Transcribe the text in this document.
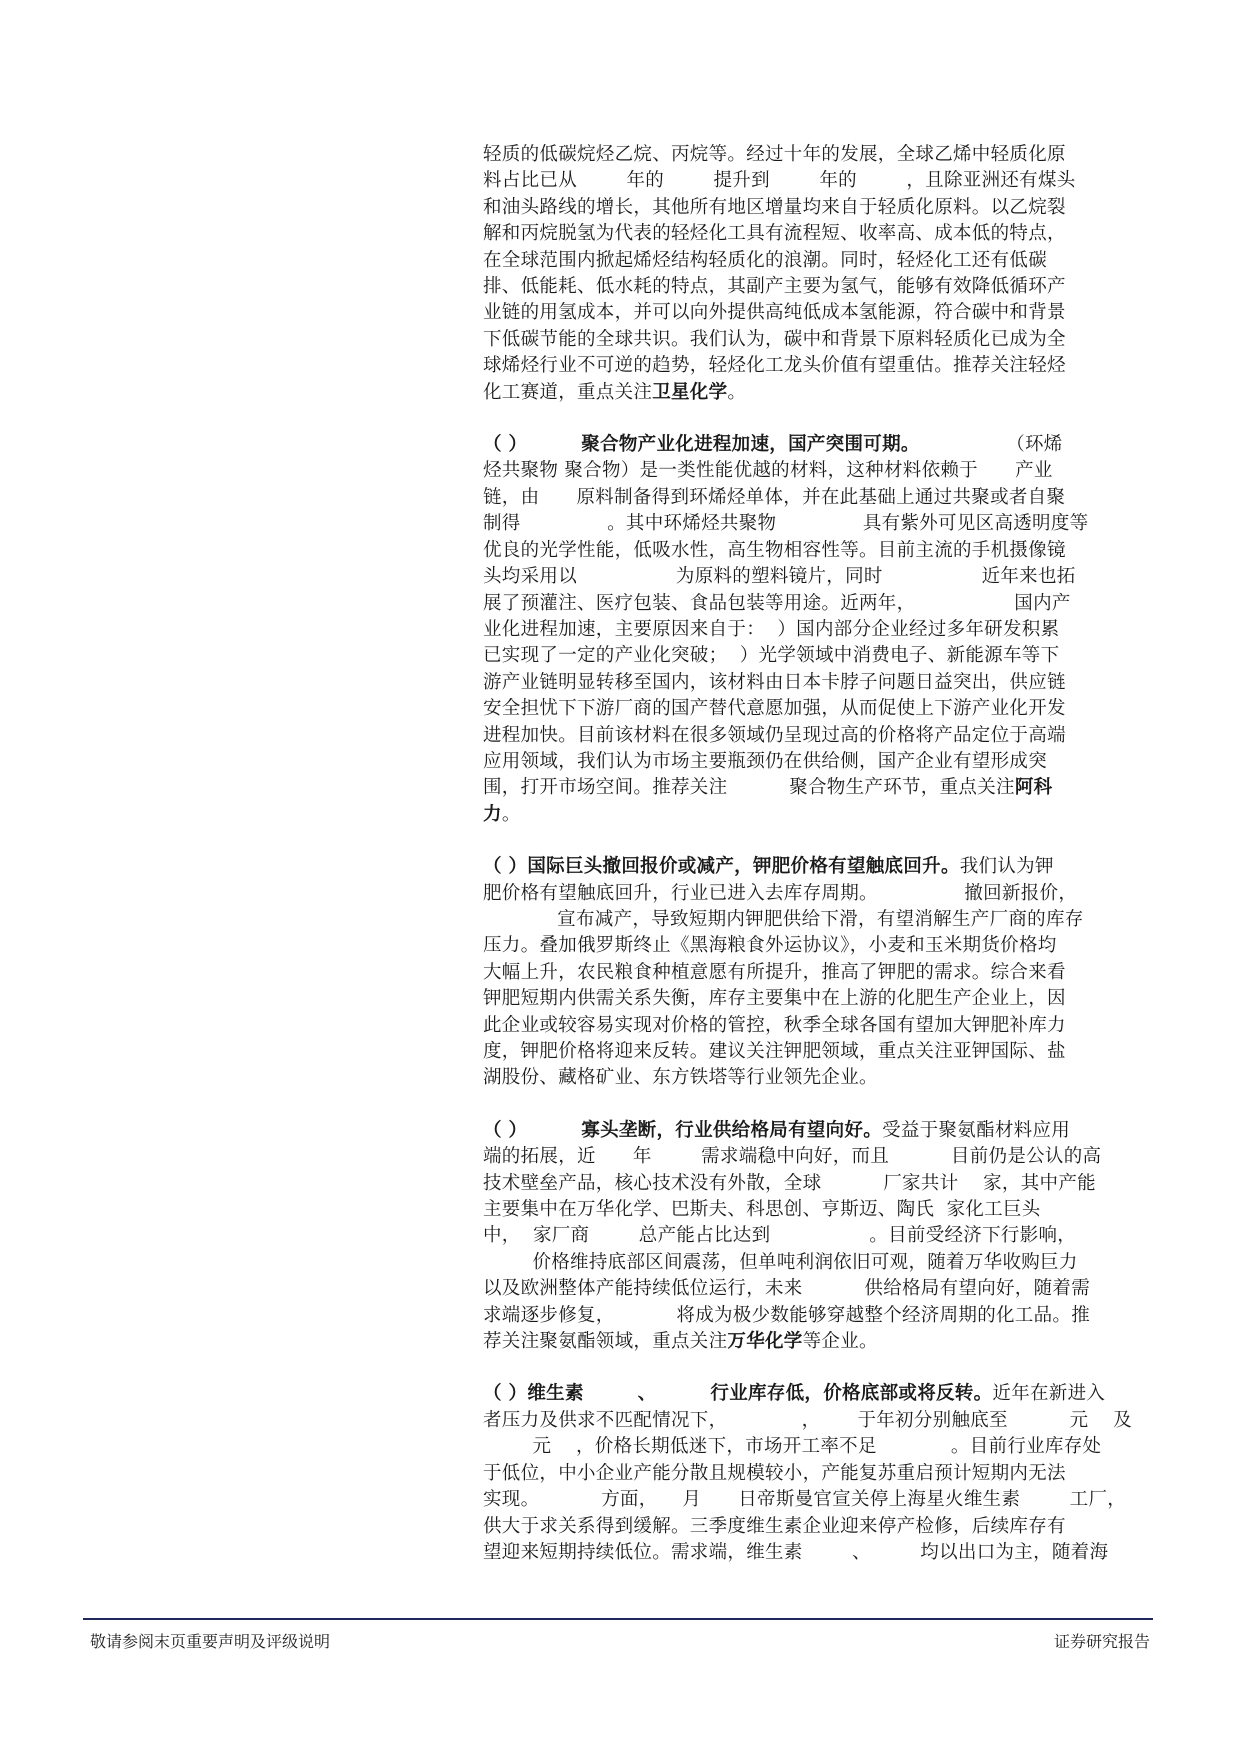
轻质的低碳烷烃乙烷、丙烷等。经过十年的发展，全球乙烯中轻质化原
料占比已从        年的        提升到        年的        ，且除亚洲还有煤头
和油头路线的增长，其他所有地区增量均来自于轻质化原料。以乙烷裂
解和丙烷脱氢为代表的轻烃化工具有流程短、收率高、成本低的特点，
在全球范围内掀起烯烃结构轻质化的浪潮。同时，轻烃化工还有低碳
排、低能耗、低水耗的特点，其副产主要为氢气，能够有效降低循环产
业链的用氢成本，并可以向外提供高纯低成本氢能源，符合碳中和背景
下低碳节能的全球共识。我们认为，碳中和背景下原料轻质化已成为全
球烯烃行业不可逆的趋势，轻烃化工龙头价值有望重估。推荐关注轻烃
化工赛道，重点关注卫星化学。
（ ）        聚合物产业化进程加速，国产突围可期。              （环烯
烃共聚物 聚合物）是一类性能优越的材料，这种材料依赖于      产业
链，由      原料制备得到环烯烃单体，并在此基础上通过共聚或者自聚
制得              。其中环烯烃共聚物              具有紫外可见区高透明度等
优良的光学性能，低吸水性，高生物相容性等。目前主流的手机摄像镜
头均采用以                为原料的塑料镜片，同时                近年来也拓
展了预灌注、医疗包装、食品包装等用途。近两年，                国内产
业化进程加速，主要原因来自于：  ）国内部分企业经过多年研发积累
已实现了一定的产业化突破；  ）光学领域中消费电子、新能源车等下
游产业链明显转移至国内，该材料由日本卡脖子问题日益突出，供应链
安全担忧下下游厂商的国产替代意愿加强，从而促使上下游产业化开发
进程加快。目前该材料在很多领域仍呈现过高的价格将产品定位于高端
应用领域，我们认为市场主要瓶颈仍在供给侧，国产企业有望形成突
围，打开市场空间。推荐关注          聚合物生产环节，重点关注阿科
力。
（ ）国际巨头撤回报价或减产，钾肥价格有望触底回升。我们认为钾
肥价格有望触底回升，行业已进入去库存周期。              撤回新报价，
宣布减产，导致短期内钾肥供给下滑，有望消解生产厂商的库存
压力。叠加俄罗斯终止《黑海粮食外运协议》，小麦和玉米期货价格均
大幅上升，农民粮食种植意愿有所提升，推高了钾肥的需求。综合来看
钾肥短期内供需关系失衡，库存主要集中在上游的化肥生产企业上，因
此企业或较容易实现对价格的管控，秋季全球各国有望加大钾肥补库力
度，钾肥价格将迎来反转。建议关注钾肥领域，重点关注亚钾国际、盐
湖股份、藏格矿业、东方铁塔等行业领先企业。
（ ）        寡头垄断，行业供给格局有望向好。受益于聚氨酯材料应用
端的拓展，近      年        需求端稳中向好，而且          目前仍是公认的高
技术壁垒产品，核心技术没有外散，全球          厂家共计    家，其中产能
主要集中在万华化学、巴斯夫、科思创、亨斯迈、陶氏  家化工巨头
中，  家厂商        总产能占比达到                。目前受经济下行影响，
价格维持底部区间震荡，但单吨利润依旧可观，随着万华收购巨力
以及欧洲整体产能持续低位运行，未来          供给格局有望向好，随着需
求端逐步修复，          将成为极少数能够穿越整个经济周期的化工品。推
荐关注聚氨酯领域，重点关注万华化学等企业。
（ ）维生素        、        行业库存低，价格底部或将反转。近年在新进入
者压力及供求不匹配情况下，            ，      于年初分别触底至          元    及
元    ，价格长期低迷下，市场开工率不足            。目前行业库存处
于低位，中小企业产能分散且规模较小，产能复苏重启预计短期内无法
实现。          方面，    月      日帝斯曼官宣关停上海星火维生素        工厂，
供大于求关系得到缓解。三季度维生素企业迎来停产检修，后续库存有
望迎来短期持续低位。需求端，维生素        、        均以出口为主，随着海
敬请参阅末页重要声明及评级说明	证券研究报告
